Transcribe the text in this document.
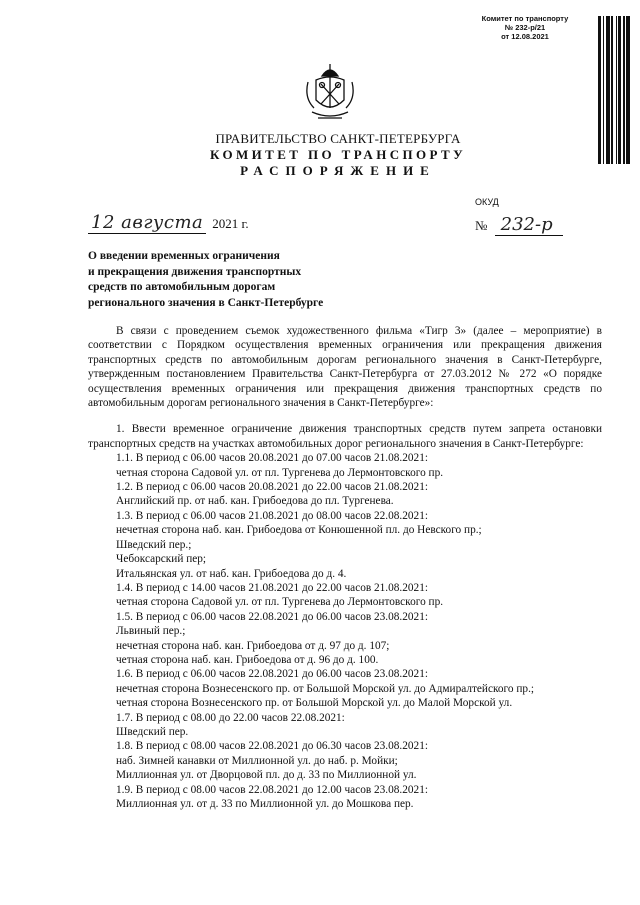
Комитет по транспорту
№ 232-р/21
от 12.08.2021
ПРАВИТЕЛЬСТВО САНКТ-ПЕТЕРБУРГА
КОМИТЕТ ПО ТРАНСПОРТУ
РАСПОРЯЖЕНИЕ
ОКУД
12 августа 2021 г.	№ 232-р
О введении временных ограничения
и прекращения движения транспортных
средств по автомобильным дорогам
регионального значения в Санкт-Петербурге

В связи с проведением съемок художественного фильма «Тигр 3» (далее – мероприятие) в соответствии с Порядком осуществления временных ограничения или прекращения движения транспортных средств по автомобильным дорогам регионального значения в Санкт-Петербурге, утвержденным постановлением Правительства Санкт-Петербурга от 27.03.2012 № 272 «О порядке осуществления временных ограничения или прекращения движения транспортных средств по автомобильным дорогам регионального значения в Санкт-Петербурге»:

1. Ввести временное ограничение движения транспортных средств путем запрета остановки транспортных средств на участках автомобильных дорог регионального значения в Санкт-Петербурге:

1.1. В период с 06.00 часов 20.08.2021 до 07.00 часов 21.08.2021:
четная сторона Садовой ул. от пл. Тургенева до Лермонтовского пр.
1.2. В период с 06.00 часов 20.08.2021 до 22.00 часов 21.08.2021:
Английский пр. от наб. кан. Грибоедова до пл. Тургенева.
1.3. В период с 06.00 часов 21.08.2021 до 08.00 часов 22.08.2021:
нечетная сторона наб. кан. Грибоедова от Конюшенной пл. до Невского пр.;
Шведский пер.;
Чебоксарский пер;
Итальянская ул. от наб. кан. Грибоедова до д. 4.
1.4. В период с 14.00 часов 21.08.2021 до 22.00 часов 21.08.2021:
четная сторона Садовой ул. от пл. Тургенева до Лермонтовского пр.
1.5. В период с 06.00 часов 22.08.2021 до 06.00 часов 23.08.2021:
Львиный пер.;
нечетная сторона наб. кан. Грибоедова от д. 97 до д. 107;
четная сторона наб. кан. Грибоедова от д. 96 до д. 100.
1.6. В период с 06.00 часов 22.08.2021 до 06.00 часов 23.08.2021:
нечетная сторона Вознесенского пр. от Большой Морской ул. до Адмиралтейского пр.;
четная сторона Вознесенского пр. от Большой Морской ул. до Малой Морской ул.
1.7. В период с 08.00 до 22.00 часов 22.08.2021:
Шведский пер.
1.8. В период с 08.00 часов 22.08.2021 до 06.30 часов 23.08.2021:
наб. Зимней канавки от Миллионной ул. до наб. р. Мойки;
Миллионная ул. от Дворцовой пл. до д. 33 по Миллионной ул.
1.9. В период с 08.00 часов 22.08.2021 до 12.00 часов 23.08.2021:
Миллионная ул. от д. 33 по Миллионной ул. до Мошкова пер.
